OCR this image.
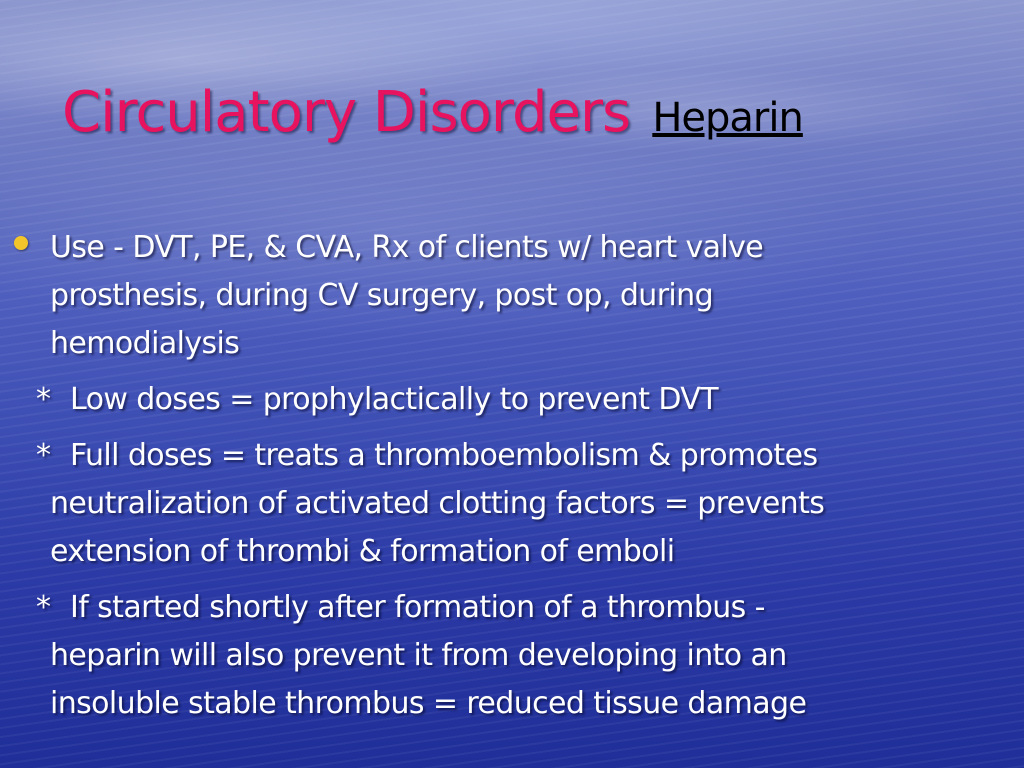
Circulatory Disorders Heparin
Use - DVT, PE, & CVA, Rx of clients w/ heart valve
prosthesis, during CV surgery, post op, during
hemodialysis
* Low doses = prophylactically to prevent DVT
* Full doses = treats a thromboembolism & promotes
neutralization of activated clotting factors = prevents
extension of thrombi & formation of emboli
* If started shortly after formation of a thrombus -
heparin will also prevent it from developing into an
insoluble stable thrombus = reduced tissue damage
